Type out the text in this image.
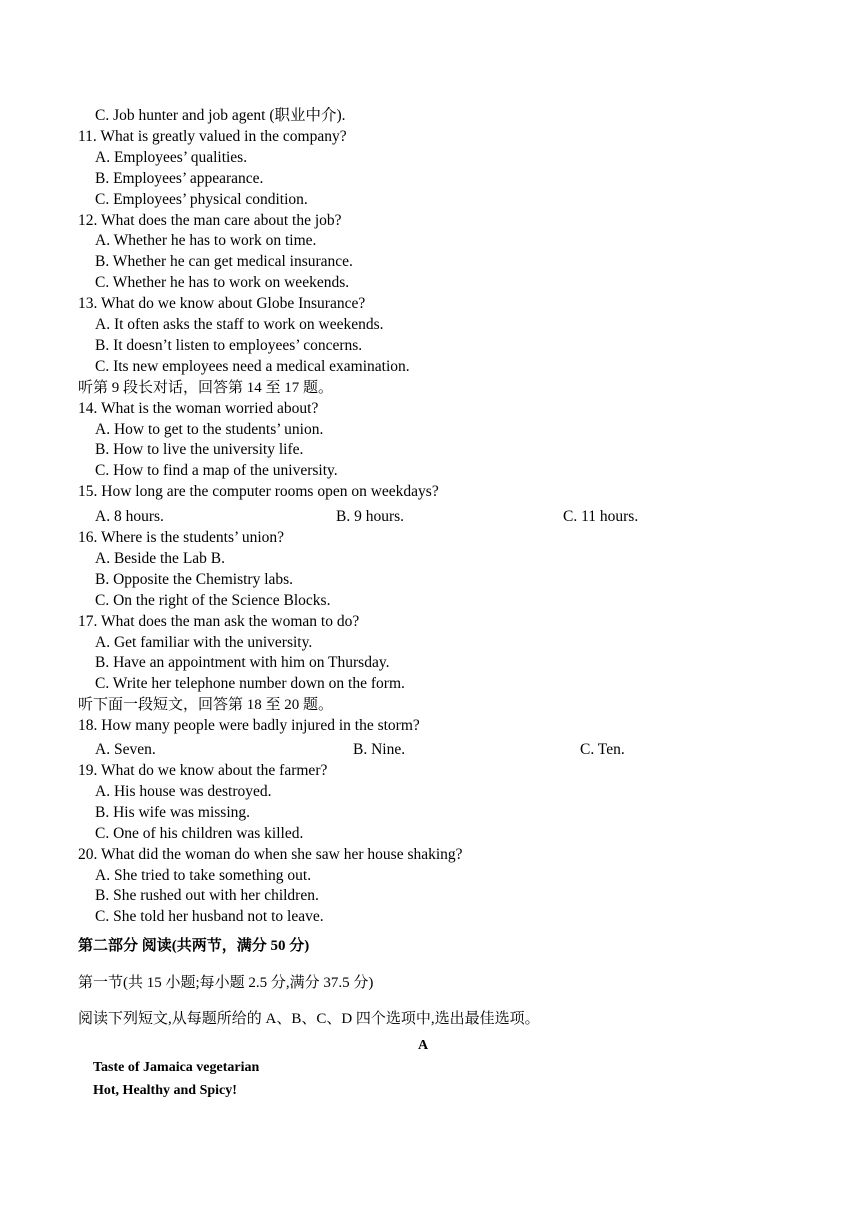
C. Job hunter and job agent (职业中介).
11. What is greatly valued in the company?
A. Employees’ qualities.
B. Employees’ appearance.
C. Employees’ physical condition.
12. What does the man care about the job?
A. Whether he has to work on time.
B. Whether he can get medical insurance.
C. Whether he has to work on weekends.
13. What do we know about Globe Insurance?
A. It often asks the staff to work on weekends.
B. It doesn’t listen to employees’ concerns.
C. Its new employees need a medical examination.
听第 9 段长对话，回答第 14 至 17 题。
14. What is the woman worried about?
A. How to get to the students’ union.
B. How to live the university life.
C. How to find a map of the university.
15. How long are the computer rooms open on weekdays?
A. 8 hours.	B. 9 hours.	C. 11 hours.
16. Where is the students’ union?
A. Beside the Lab B.
B. Opposite the Chemistry labs.
C. On the right of the Science Blocks.
17. What does the man ask the woman to do?
A. Get familiar with the university.
B. Have an appointment with him on Thursday.
C. Write her telephone number down on the form.
听下面一段短文，回答第 18 至 20 题。
18. How many people were badly injured in the storm?
A. Seven.	B. Nine.	C. Ten.
19. What do we know about the farmer?
A. His house was destroyed.
B. His wife was missing.
C. One of his children was killed.
20. What did the woman do when she saw her house shaking?
A. She tried to take something out.
B. She rushed out with her children.
C. She told her husband not to leave.
第二部分 阅读(共两节，满分 50 分)
第一节(共 15 小题;每小题 2.5 分,满分 37.5 分)
阅读下列短文,从每题所给的 A、B、C、D 四个选项中,选出最佳选项。
A
Taste of Jamaica vegetarian
Hot, Healthy and Spicy!
